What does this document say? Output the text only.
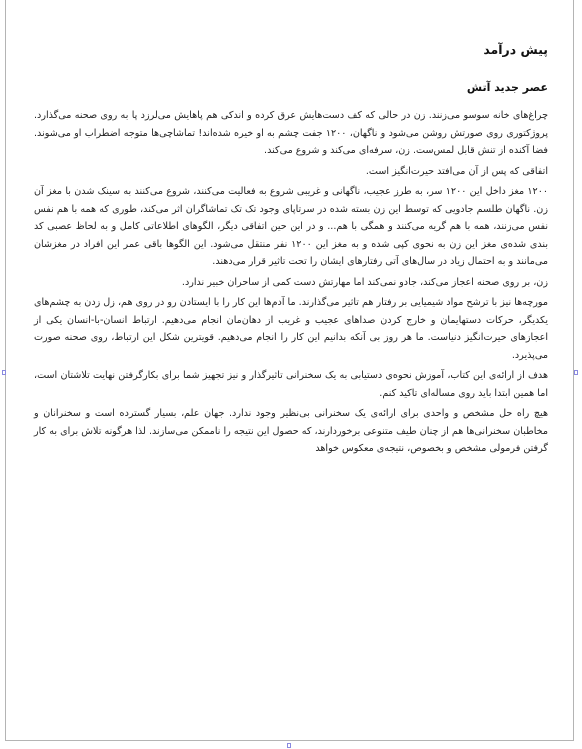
پیش درآمد
عصر جدید آتش

چراغ‌های خانه سوسو می‌زنند. زن در حالی که کف دست‌هایش عرق کرده و اندکی هم پاهایش می‌لرزد پا به روی صحنه می‌گذارد. پروژکتوری روی صورتش روشن می‌شود و ناگهان، ۱۲۰۰ جفت چشم به او خیره شده‌اند! تماشاچی‌ها متوجه اضطراب او می‌شوند. فضا آکنده از تنش قابل لمس‌ست. زن، سرفه‌ای می‌کند و شروع می‌کند.

اتفاقی که پس از آن می‌افتد حیرت‌انگیز است.

۱۲۰۰ مغز داخل این ۱۲۰۰ سر، به طرز عجیب، ناگهانی و غریبی شروع به فعالیت می‌کنند، شروع می‌کنند به سینک شدن با مغز آن زن. ناگهان طلسم جادویی که توسط این زن بسته شده در سرتاپای وجود تک تک تماشاگران اثر می‌کند، طوری که همه با هم نفس نفس می‌زنند، همه با هم گریه می‌کنند و همگی با هم... و در این حین اتفاقی دیگر، الگوهای اطلاعاتی کامل و به لحاظ عصبی کد بندی شده‌ی مغز این زن به نحوی کپی شده و به مغز این ۱۲۰۰ نفر منتقل می‌شود. این الگوها باقی عمر این افراد در مغزشان می‌مانند و به احتمال زیاد در سال‌های آتی رفتارهای ایشان را تحت تاثیر قرار می‌دهند.

زن، بر روی صحنه اعجاز می‌کند، جادو نمی‌کند اما مهارتش دست کمی از ساحران خبیر ندارد.

مورچه‌ها نیز با ترشح مواد شیمیایی بر رفتار هم تاثیر می‌گذارند. ما آدم‌ها این کار را با ایستادن رو در روی هم، زل زدن به چشم‌های یکدیگر، حرکات دستهایمان و خارج کردن صداهای عجیب و غریب از دهان‌مان انجام می‌دهیم. ارتباط انسان-با-انسان یکی از اعجازهای حیرت‌انگیز دنیاست. ما هر روز بی آنکه بدانیم این کار را انجام می‌دهیم. قویترین شکل این ارتباط، روی صحنه صورت می‌پذیرد.

هدف از ارائه‌ی این کتاب، آموزش نحوه‌ی دستیابی به یک سخنرانی تاثیرگذار و نیز تجهیز شما برای بکارگرفتن نهایت تلاشتان است، اما همین ابتدا باید روی مساله‌ای تاکید کنم.

هیچ راه حل مشخص و واحدی برای ارائه‌ی یک سخنرانی بی‌نظیر وجود ندارد. جهان علم، بسیار گسترده است و سخنرانان و مخاطبان سخنرانی‌ها هم از چنان طیف متنوعی برخوردارند، که حصول این نتیجه را ناممکن می‌سازند. لذا هرگونه تلاش برای به کار گرفتن فرمولی مشخص و بخصوص، نتیجه‌ی معکوس خواهد
